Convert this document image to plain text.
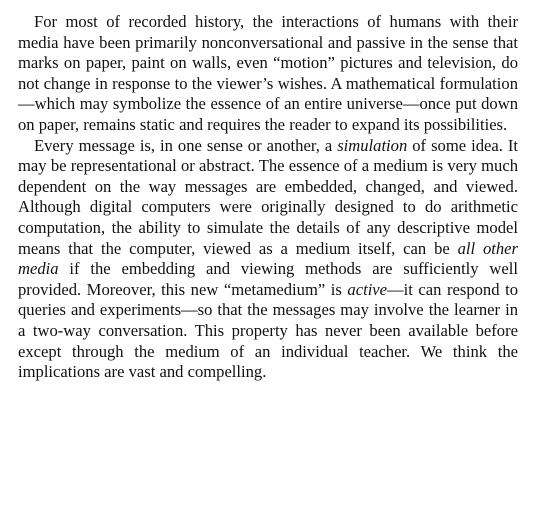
For most of recorded history, the interactions of humans with their media have been primarily nonconversational and passive in the sense that marks on paper, paint on walls, even “motion” pictures and television, do not change in response to the viewer’s wishes. A mathematical formulation—which may symbolize the essence of an entire universe—once put down on paper, remains static and requires the reader to expand its possibilities.

Every message is, in one sense or another, a simulation of some idea. It may be representational or abstract. The essence of a medium is very much dependent on the way messages are embedded, changed, and viewed. Although digital computers were originally designed to do arithmetic computation, the ability to simulate the details of any descriptive model means that the computer, viewed as a medium itself, can be all other media if the embedding and viewing methods are sufficiently well provided. Moreover, this new “metamedium” is active—it can respond to queries and experiments—so that the messages may involve the learner in a two-way conversation. This property has never been available before except through the medium of an individual teacher. We think the implications are vast and compelling.
